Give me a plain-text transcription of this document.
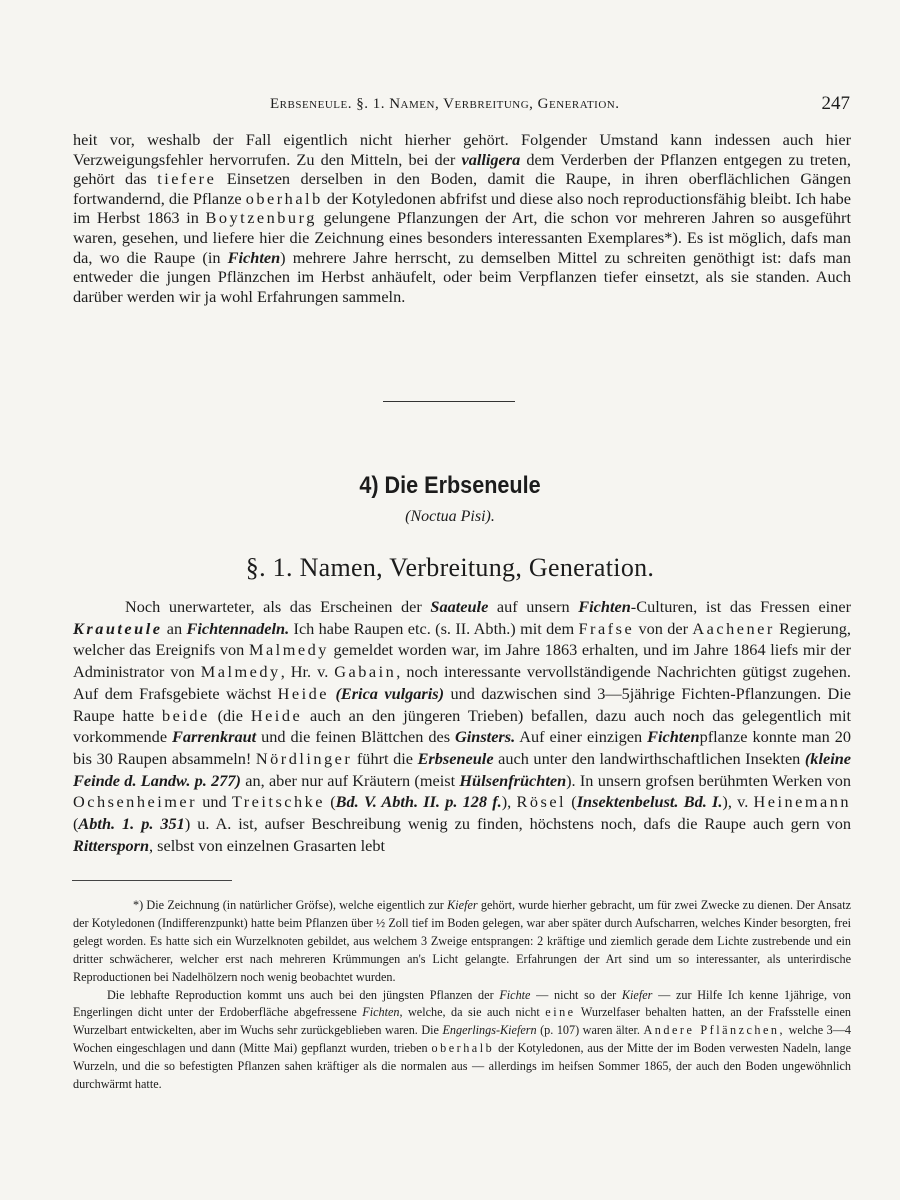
Erbseneule. §. 1. Namen, Verbreitung, Generation.	247

heit vor, weshalb der Fall eigentlich nicht hierher gehört. Folgender Umstand kann indessen auch hier Verzweigungsfehler hervorrufen. Zu den Mitteln, bei der valligera dem Verderben der Pflanzen entgegen zu treten, gehört das tiefere Einsetzen derselben in den Boden, damit die Raupe, in ihren oberflächlichen Gängen fortwandernd, die Pflanze oberhalb der Kotyledonen abfrifst und diese also noch reproductionsfähig bleibt. Ich habe im Herbst 1863 in Boytzenburg gelungene Pflanzungen der Art, die schon vor mehreren Jahren so ausgeführt waren, gesehen, und liefere hier die Zeichnung eines besonders interessanten Exemplares*). Es ist möglich, dafs man da, wo die Raupe (in Fichten) mehrere Jahre herrscht, zu demselben Mittel zu schreiten genöthigt ist: dafs man entweder die jungen Pflänzchen im Herbst anhäufelt, oder beim Verpflanzen tiefer einsetzt, als sie standen. Auch darüber werden wir ja wohl Erfahrungen sammeln.

4) Die Erbseneule
(Noctua Pisi).
§. 1. Namen, Verbreitung, Generation.

Noch unerwarteter, als das Erscheinen der Saateule auf unsern Fichten-Culturen, ist das Fressen einer Krauteule an Fichtennadeln. Ich habe Raupen etc. (s. II. Abth.) mit dem Frafse von der Aachener Regierung, welcher das Ereignifs von Malmedy gemeldet worden war, im Jahre 1863 erhalten, und im Jahre 1864 liefs mir der Administrator von Malmedy, Hr. v. Gabain, noch interessante vervollständigende Nachrichten gütigst zugehen. Auf dem Frafsgebiete wächst Heide (Erica vulgaris) und dazwischen sind 3—5jährige Fichten-Pflanzungen. Die Raupe hatte beide (die Heide auch an den jüngeren Trieben) befallen, dazu auch noch das gelegentlich mit vorkommende Farrenkraut und die feinen Blättchen des Ginsters. Auf einer einzigen Fichtenpflanze konnte man 20 bis 30 Raupen absammeln! Nördlinger führt die Erbseneule auch unter den landwirthschaftlichen Insekten (kleine Feinde d. Landw. p. 277) an, aber nur auf Kräutern (meist Hülsenfrüchten). In unsern grofsen berühmten Werken von Ochsenheimer und Treitschke (Bd. V. Abth. II. p. 128 f.), Rösel (Insektenbelust. Bd. I.), v. Heinemann (Abth. 1. p. 351) u. A. ist, aufser Beschreibung wenig zu finden, höchstens noch, dafs die Raupe auch gern von Rittersporn, selbst von einzelnen Grasarten lebt

*) Die Zeichnung (in natürlicher Gröfse), welche eigentlich zur Kiefer gehört, wurde hierher gebracht, um für zwei Zwecke zu dienen. Der Ansatz der Kotyledonen (Indifferenzpunkt) hatte beim Pflanzen über ½ Zoll tief im Boden gelegen, war aber später durch Aufscharren, welches Kinder besorgten, frei gelegt worden. Es hatte sich ein Wurzelknoten gebildet, aus welchem 3 Zweige entsprangen: 2 kräftige und ziemlich gerade dem Lichte zustrebende und ein dritter schwächerer, welcher erst nach mehreren Krümmungen an's Licht gelangte. Erfahrungen der Art sind um so interessanter, als unterirdische Reproductionen bei Nadelhölzern noch wenig beobachtet wurden.

Die lebhafte Reproduction kommt uns auch bei den jüngsten Pflanzen der Fichte — nicht so der Kiefer — zur Hilfe Ich kenne 1jährige, von Engerlingen dicht unter der Erdoberfläche abgefressene Fichten, welche, da sie auch nicht eine Wurzelfaser behalten hatten, an der Frafsstelle einen Wurzelbart entwickelten, aber im Wuchs sehr zurückgeblieben waren. Die Engerlings-Kiefern (p. 107) waren älter. Andere Pflänzchen, welche 3—4 Wochen eingeschlagen und dann (Mitte Mai) gepflanzt wurden, trieben oberhalb der Kotyledonen, aus der Mitte der im Boden verwesten Nadeln, lange Wurzeln, und die so befestigten Pflanzen sahen kräftiger als die normalen aus — allerdings im heifsen Sommer 1865, der auch den Boden ungewöhnlich durchwärmt hatte.
